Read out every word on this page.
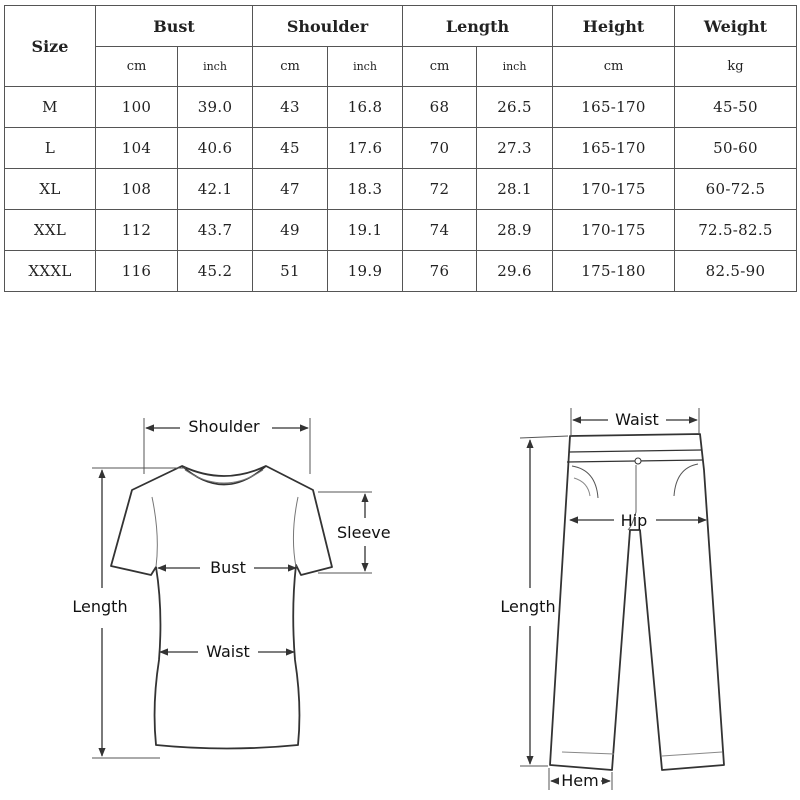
Size	Bust		Shoulder		Length		Height	Weight
	cm	inch	cm	inch	cm	inch	cm	kg
M	100	39.0	43	16.8	68	26.5	165-170	45-50
L	104	40.6	45	17.6	70	27.3	165-170	50-60
XL	108	42.1	47	18.3	72	28.1	170-175	60-72.5
XXL	112	43.7	49	19.1	74	28.9	170-175	72.5-82.5
XXXL	116	45.2	51	19.9	76	29.6	175-180	82.5-90
Shoulder
Sleeve
Bust
Waist
Length
Waist
Hip
Length
Hem
